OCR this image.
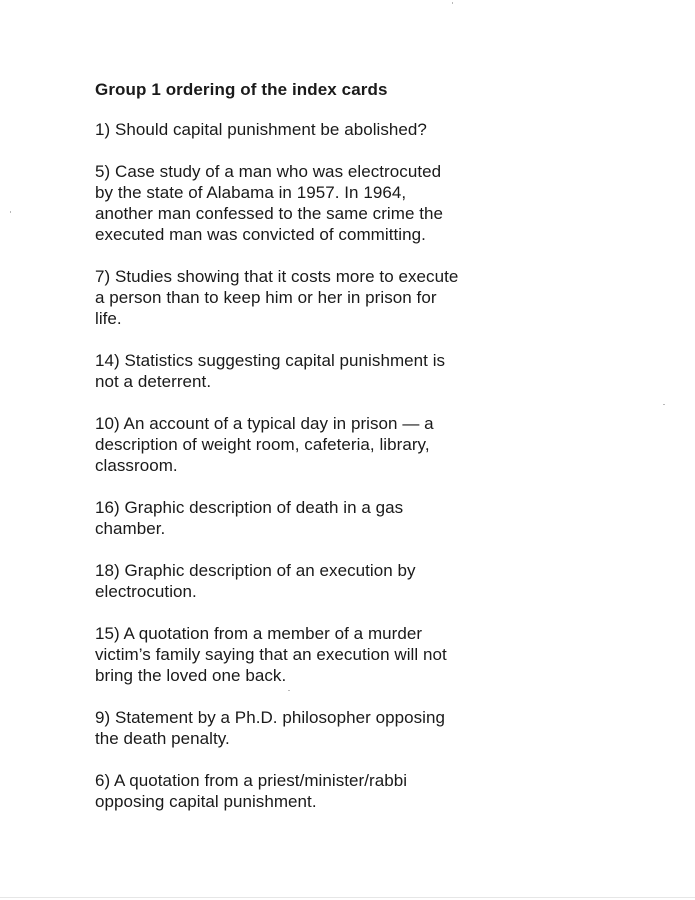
Group 1 ordering of the index cards
1) Should capital punishment be abolished?
5) Case study of a man who was electrocuted
by the state of Alabama in 1957. In 1964,
another man confessed to the same crime the
executed man was convicted of committing.
7) Studies showing that it costs more to execute
a person than to keep him or her in prison for
life.
14) Statistics suggesting capital punishment is
not a deterrent.
10) An account of a typical day in prison — a
description of weight room, cafeteria, library,
classroom.
16) Graphic description of death in a gas
chamber.
18) Graphic description of an execution by
electrocution.
15) A quotation from a member of a murder
victim’s family saying that an execution will not
bring the loved one back.
9) Statement by a Ph.D. philosopher opposing
the death penalty.
6) A quotation from a priest/minister/rabbi
opposing capital punishment.
